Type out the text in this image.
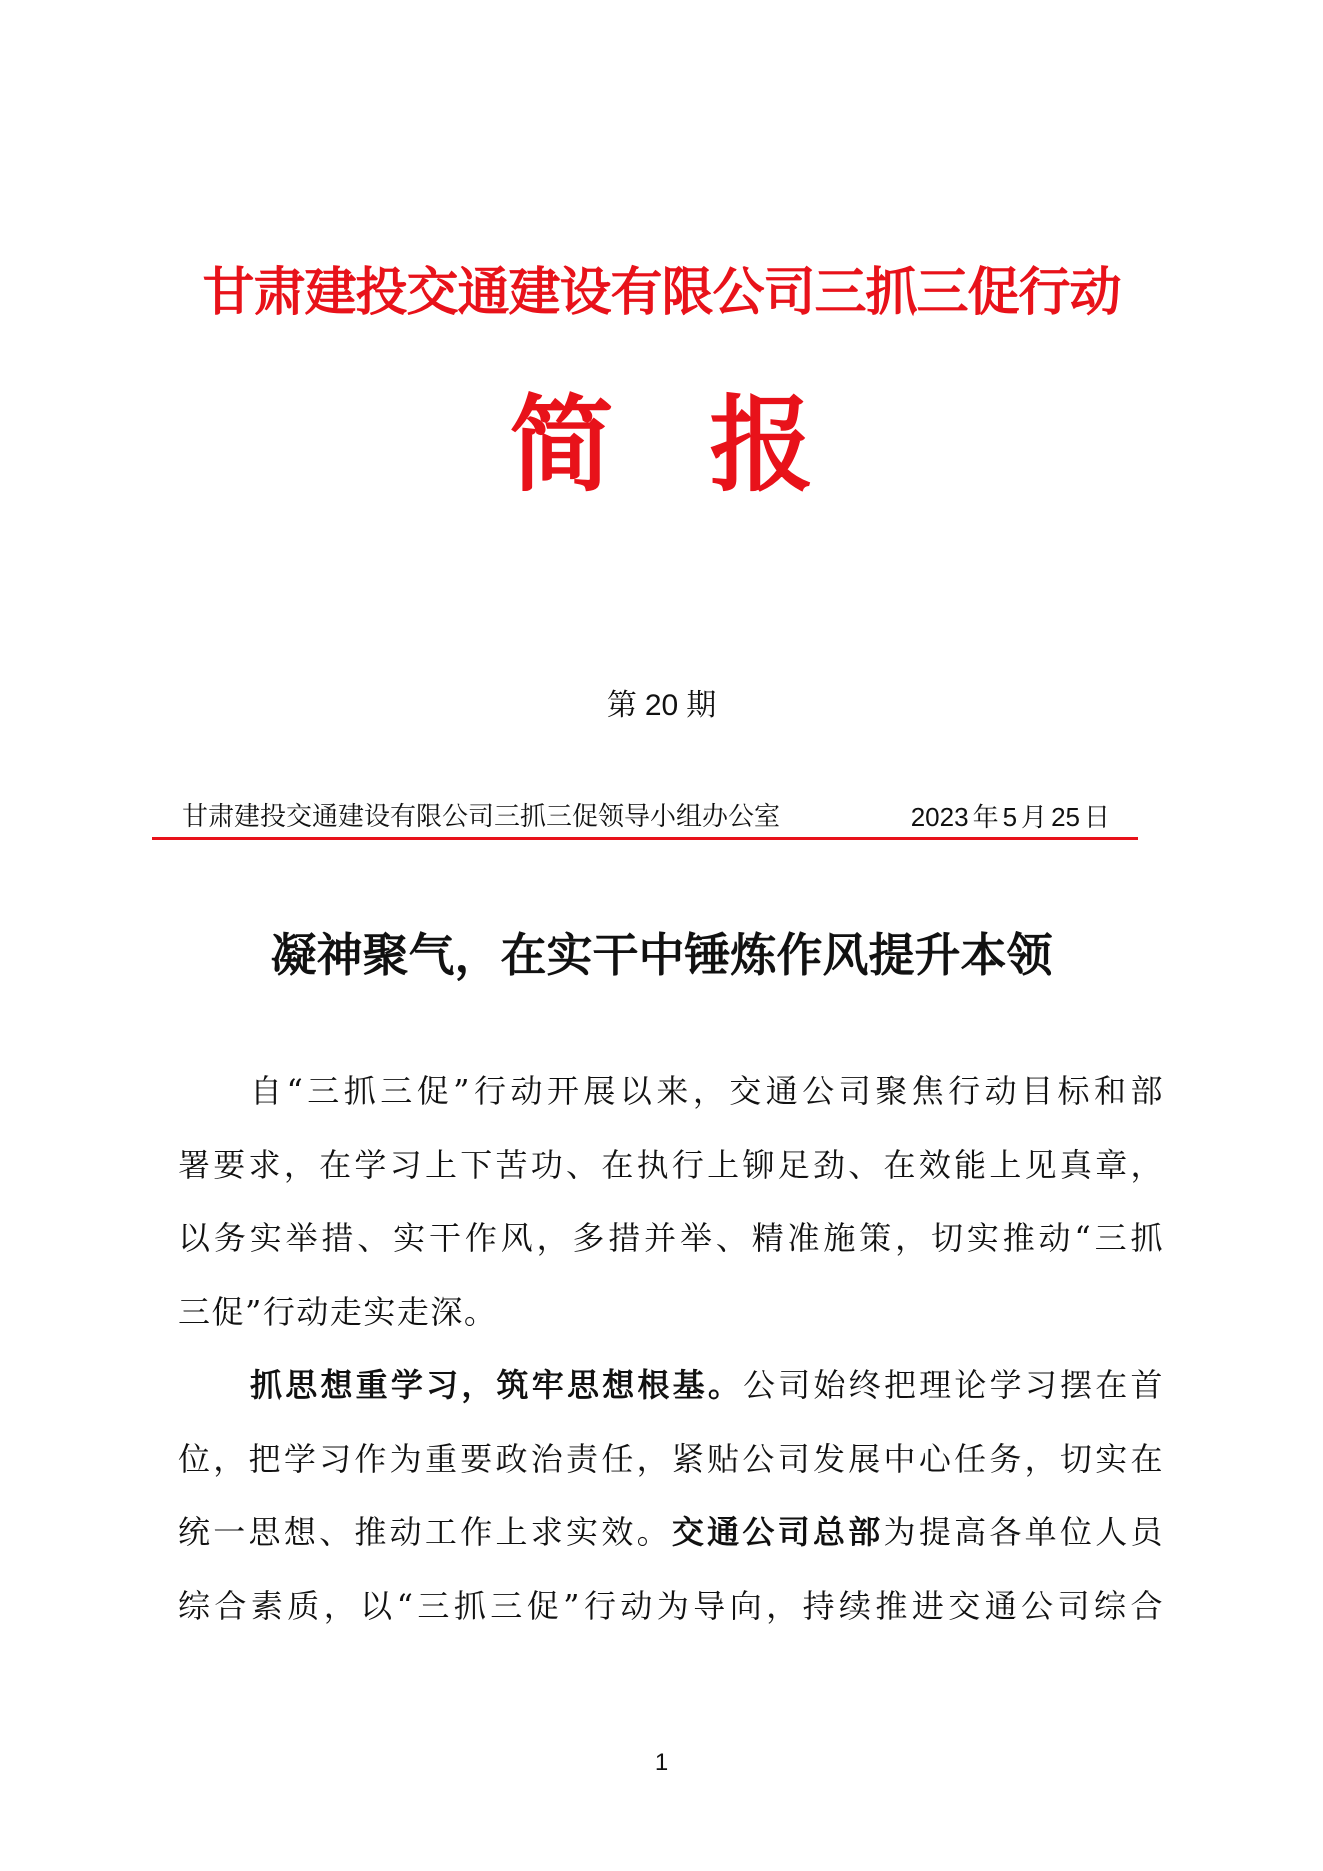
甘肃建投交通建设有限公司三抓三促行动
简报
第 20 期
甘肃建投交通建设有限公司三抓三促领导小组办公室	2023 年 5 月 25 日
凝神聚气，在实干中锤炼作风提升本领
自“三抓三促”行动开展以来，交通公司聚焦行动目标和部
署要求，在学习上下苦功、在执行上铆足劲、在效能上见真章，
以务实举措、实干作风，多措并举、精准施策，切实推动“三抓
三促”行动走实走深。
抓思想重学习，筑牢思想根基。公司始终把理论学习摆在首
位，把学习作为重要政治责任，紧贴公司发展中心任务，切实在
统一思想、推动工作上求实效。交通公司总部为提高各单位人员
综合素质，以“三抓三促”行动为导向，持续推进交通公司综合
1
